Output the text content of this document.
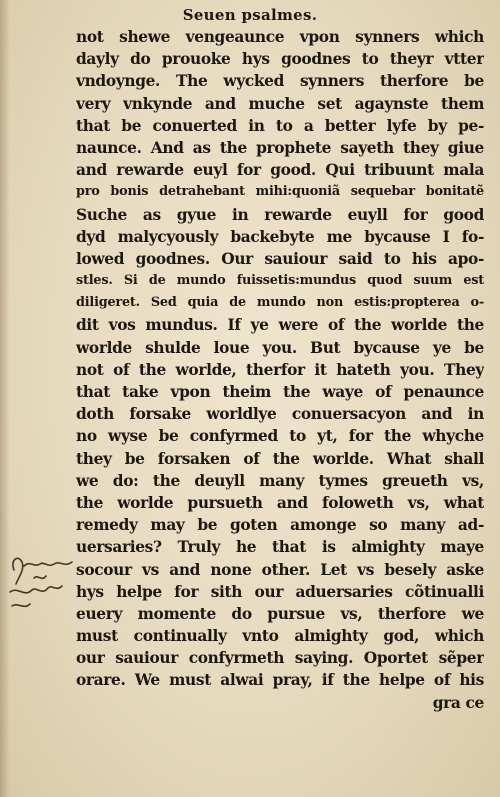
Seuen psalmes.
not shewe vengeaunce vpon synners which
dayly do prouoke hys goodnes to theyr vtter
vndoynge. The wycked synners therfore be
very vnkynde and muche set agaynste them
that be conuerted in to a better lyfe by pe-
naunce. And as the prophete sayeth they giue
and rewarde euyl for good. Qui tribuunt mala
pro bonis detrahebant mihi:quoniã sequebar bonitatẽ
Suche as gyue in rewarde euyll for good
dyd malycyously backebyte me bycause I fo-
lowed goodnes. Our sauiour said to his apo-
stles. Si de mundo fuissetis:mundus quod suum est
diligeret. Sed quia de mundo non estis:propterea o-
dit vos mundus. If ye were of the worlde the
worlde shulde loue you. But bycause ye be
not of the worlde, therfor it hateth you. They
that take vpon theim the waye of penaunce
doth forsake worldlye conuersacyon and in
no wyse be confyrmed to yt, for the whyche
they be forsaken of the worlde. What shall
we do: the deuyll many tymes greueth vs,
the worlde pursueth and foloweth vs, what
remedy may be goten amonge so many ad-
uersaries? Truly he that is almighty maye
socour vs and none other. Let vs besely aske
hys helpe for sith our aduersaries cõtinualli
euery momente do pursue vs, therfore we
must continually vnto almighty god, which
our sauiour confyrmeth saying. Oportet sẽper
orare. We must alwai pray, if the helpe of his
gra ce
